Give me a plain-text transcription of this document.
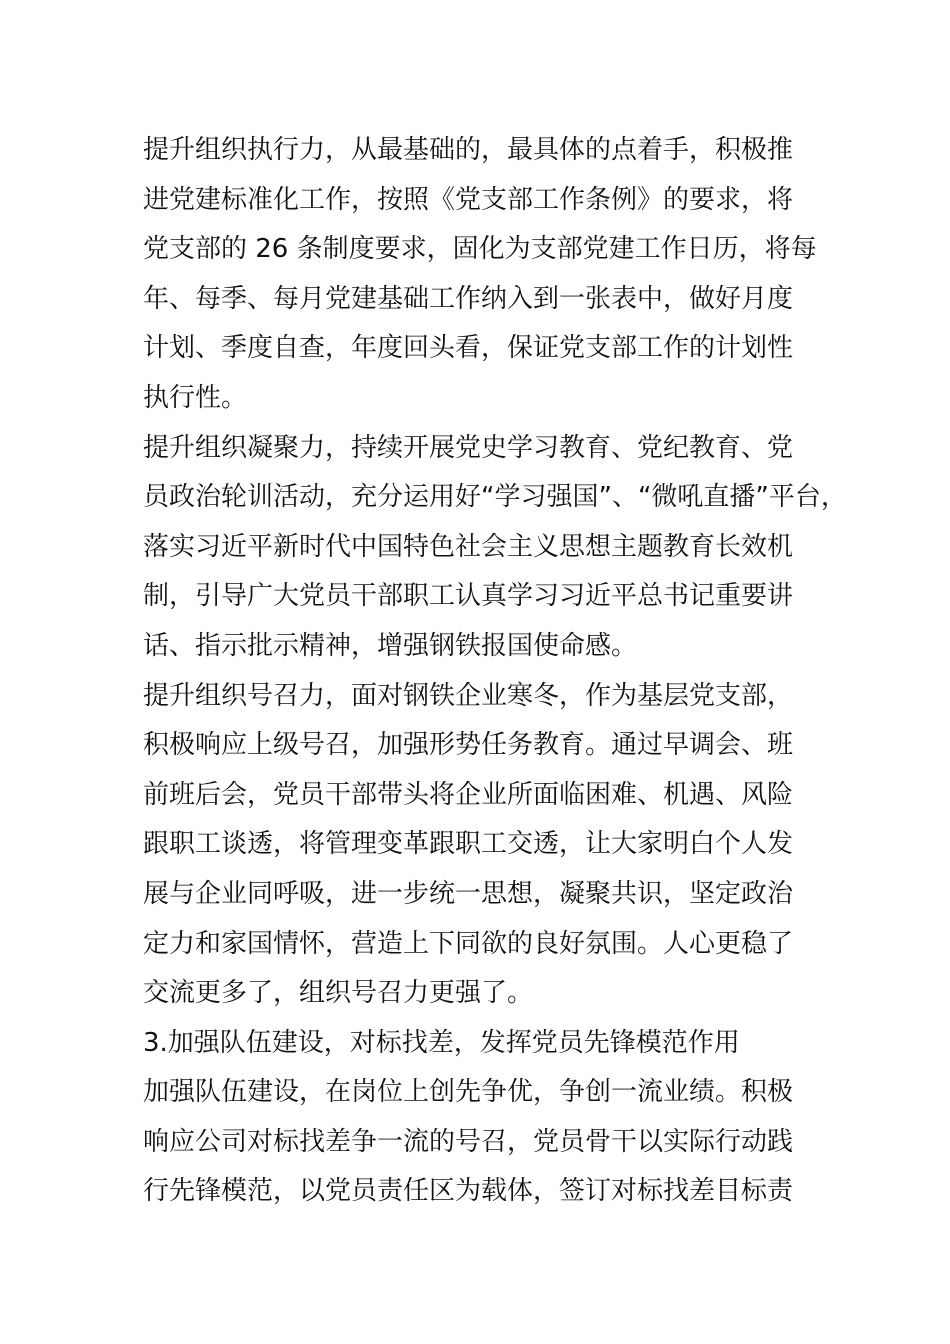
提升组织执行力，从最基础的，最具体的点着手，积极推
进党建标准化工作，按照《党支部工作条例》的要求，将
党支部的 26 条制度要求，固化为支部党建工作日历，将每
年、每季、每月党建基础工作纳入到一张表中，做好月度
计划、季度自查，年度回头看，保证党支部工作的计划性
执行性。
提升组织凝聚力，持续开展党史学习教育、党纪教育、党
员政治轮训活动，充分运用好“学习强国”、“微吼直播”平台，
落实习近平新时代中国特色社会主义思想主题教育长效机
制，引导广大党员干部职工认真学习习近平总书记重要讲
话、指示批示精神，增强钢铁报国使命感。
提升组织号召力，面对钢铁企业寒冬，作为基层党支部，
积极响应上级号召，加强形势任务教育。通过早调会、班
前班后会，党员干部带头将企业所面临困难、机遇、风险
跟职工谈透，将管理变革跟职工交透，让大家明白个人发
展与企业同呼吸，进一步统一思想，凝聚共识，坚定政治
定力和家国情怀，营造上下同欲的良好氛围。人心更稳了
交流更多了，组织号召力更强了。
3.加强队伍建设，对标找差，发挥党员先锋模范作用
加强队伍建设，在岗位上创先争优，争创一流业绩。积极
响应公司对标找差争一流的号召，党员骨干以实际行动践
行先锋模范，以党员责任区为载体，签订对标找差目标责
